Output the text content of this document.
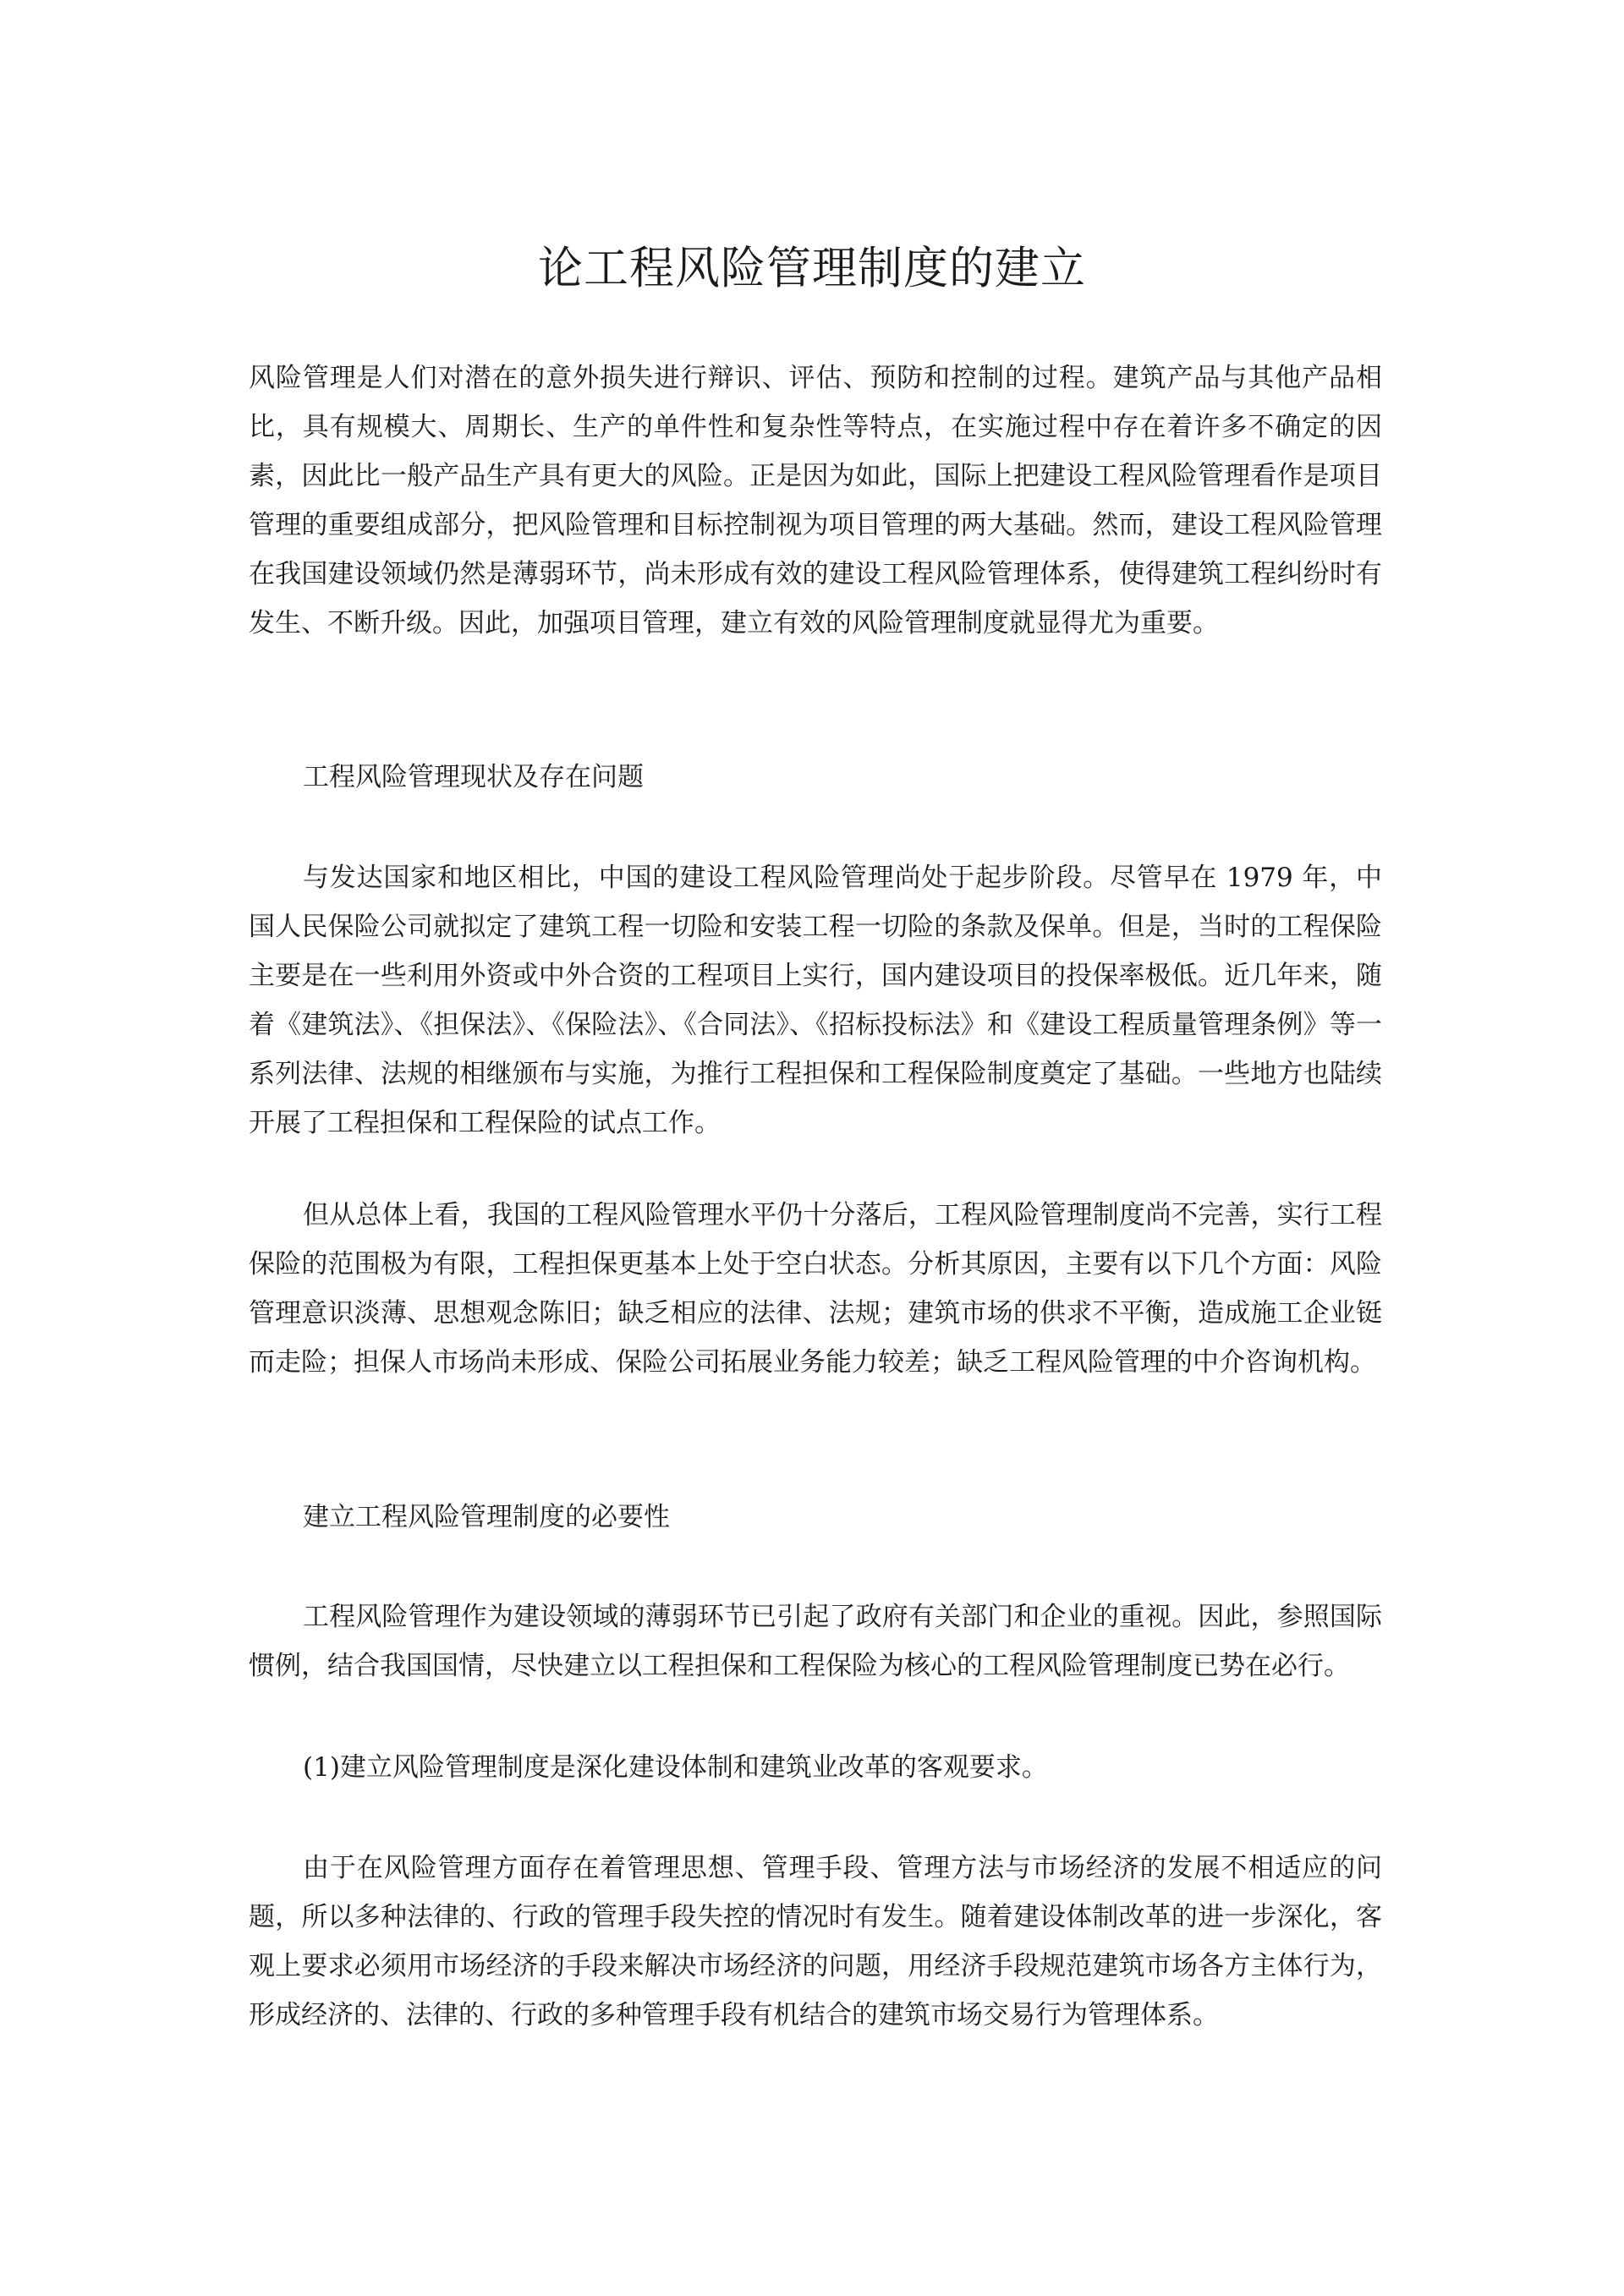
论工程风险管理制度的建立

风险管理是人们对潜在的意外损失进行辩识、评估、预防和控制的过程。建筑产品与其他产品相比，具有规模大、周期长、生产的单件性和复杂性等特点，在实施过程中存在着许多不确定的因素，因此比一般产品生产具有更大的风险。正是因为如此，国际上把建设工程风险管理看作是项目管理的重要组成部分，把风险管理和目标控制视为项目管理的两大基础。然而，建设工程风险管理在我国建设领域仍然是薄弱环节，尚未形成有效的建设工程风险管理体系，使得建筑工程纠纷时有发生、不断升级。因此，加强项目管理，建立有效的风险管理制度就显得尤为重要。

工程风险管理现状及存在问题

与发达国家和地区相比，中国的建设工程风险管理尚处于起步阶段。尽管早在 1979 年，中国人民保险公司就拟定了建筑工程一切险和安装工程一切险的条款及保单。但是，当时的工程保险主要是在一些利用外资或中外合资的工程项目上实行，国内建设项目的投保率极低。近几年来，随着《建筑法》、《担保法》、《保险法》、《合同法》、《招标投标法》和《建设工程质量管理条例》等一系列法律、法规的相继颁布与实施，为推行工程担保和工程保险制度奠定了基础。一些地方也陆续开展了工程担保和工程保险的试点工作。

但从总体上看，我国的工程风险管理水平仍十分落后，工程风险管理制度尚不完善，实行工程保险的范围极为有限，工程担保更基本上处于空白状态。分析其原因，主要有以下几个方面：风险管理意识淡薄、思想观念陈旧；缺乏相应的法律、法规；建筑市场的供求不平衡，造成施工企业铤而走险；担保人市场尚未形成、保险公司拓展业务能力较差；缺乏工程风险管理的中介咨询机构。

建立工程风险管理制度的必要性

工程风险管理作为建设领域的薄弱环节已引起了政府有关部门和企业的重视。因此，参照国际惯例，结合我国国情，尽快建立以工程担保和工程保险为核心的工程风险管理制度已势在必行。

(1)建立风险管理制度是深化建设体制和建筑业改革的客观要求。

由于在风险管理方面存在着管理思想、管理手段、管理方法与市场经济的发展不相适应的问题，所以多种法律的、行政的管理手段失控的情况时有发生。随着建设体制改革的进一步深化，客观上要求必须用市场经济的手段来解决市场经济的问题，用经济手段规范建筑市场各方主体行为，形成经济的、法律的、行政的多种管理手段有机结合的建筑市场交易行为管理体系。
